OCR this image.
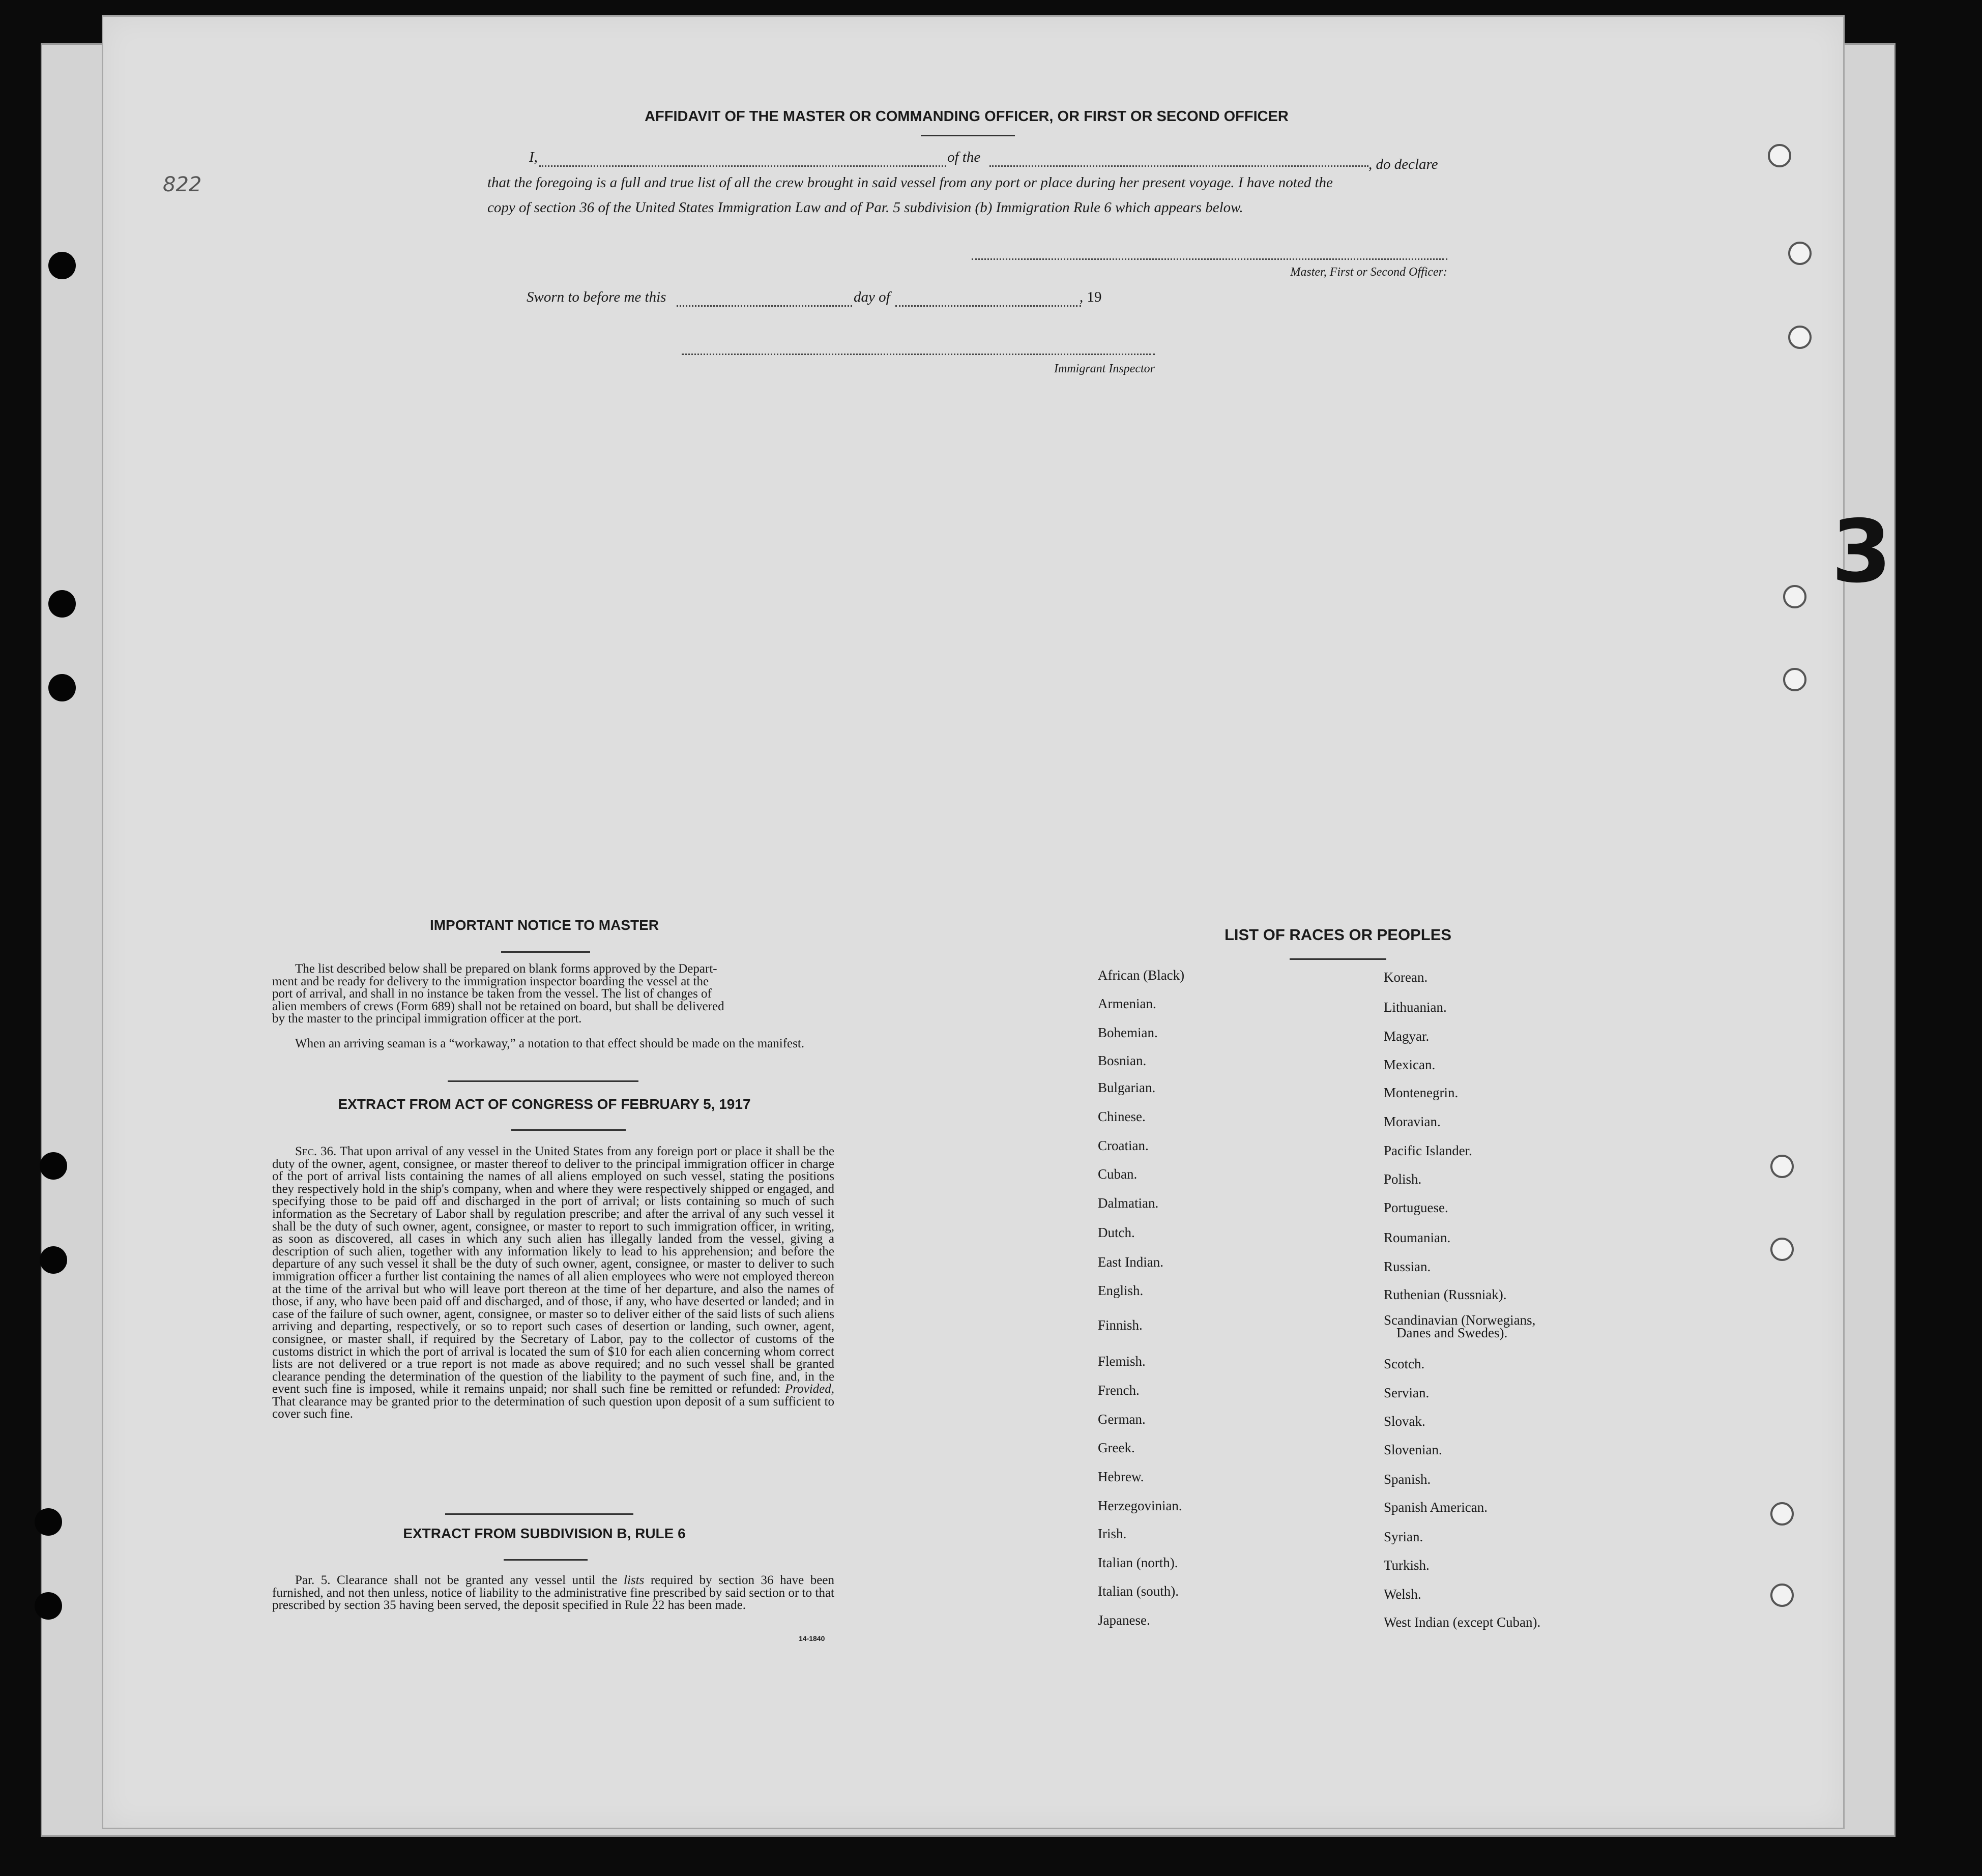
822
3
AFFIDAVIT OF THE MASTER OR COMMANDING OFFICER, OR FIRST OR SECOND OFFICER
I,	of the	, do declare
that the foregoing is a full and true list of all the crew brought in said vessel from any port or place during her present voyage. I have noted the
copy of section 36 of the United States Immigration Law and of Par. 5 subdivision (b) Immigration Rule 6 which appears below.
Master, First or Second Officer:
Sworn to before me this	day of	, 19
Immigrant Inspector
IMPORTANT NOTICE TO MASTER
The list described below shall be prepared on blank forms approved by the Depart-
ment and be ready for delivery to the immigration inspector boarding the vessel at the
port of arrival, and shall in no instance be taken from the vessel. The list of changes of
alien members of crews (Form 689) shall not be retained on board, but shall be delivered
by the master to the principal immigration officer at the port.
When an arriving seaman is a “workaway,” a notation to that effect should be made on the manifest.
EXTRACT FROM ACT OF CONGRESS OF FEBRUARY 5, 1917
Sec. 36. That upon arrival of any vessel in the United States from any foreign port or place it shall be the duty of the owner, agent, consignee, or master thereof to deliver to the principal immigration officer in charge of the port of arrival lists containing the names of all aliens employed on such vessel, stating the positions they respectively hold in the ship's company, when and where they were respectively shipped or engaged, and specifying those to be paid off and discharged in the port of arrival; or lists containing so much of such information as the Secretary of Labor shall by regulation prescribe; and after the arrival of any such vessel it shall be the duty of such owner, agent, consignee, or master to report to such immigration officer, in writing, as soon as discovered, all cases in which any such alien has illegally landed from the vessel, giving a description of such alien, together with any information likely to lead to his apprehension; and before the departure of any such vessel it shall be the duty of such owner, agent, consignee, or master to deliver to such immigration officer a further list containing the names of all alien employees who were not employed thereon at the time of the arrival but who will leave port thereon at the time of her departure, and also the names of those, if any, who have been paid off and discharged, and of those, if any, who have deserted or landed; and in case of the failure of such owner, agent, consignee, or master so to deliver either of the said lists of such aliens arriving and departing, respectively, or so to report such cases of desertion or landing, such owner, agent, consignee, or master shall, if required by the Secretary of Labor, pay to the collector of customs of the customs district in which the port of arrival is located the sum of $10 for each alien concerning whom correct lists are not delivered or a true report is not made as above required; and no such vessel shall be granted clearance pending the determination of the question of the liability to the payment of such fine, and, in the event such fine is imposed, while it remains unpaid; nor shall such fine be remitted or refunded: Provided, That clearance may be granted prior to the determination of such question upon deposit of a sum sufficient to cover such fine.
EXTRACT FROM SUBDIVISION B, RULE 6
Par. 5. Clearance shall not be granted any vessel until the lists required by section 36 have been furnished, and not then unless, notice of liability to the administrative fine prescribed by said section or to that prescribed by section 35 having been served, the deposit specified in Rule 22 has been made.
14-1840
LIST OF RACES OR PEOPLES
African (Black)
Armenian.
Bohemian.
Bosnian.
Bulgarian.
Chinese.
Croatian.
Cuban.
Dalmatian.
Dutch.
East Indian.
English.
Finnish.
Flemish.
French.
German.
Greek.
Hebrew.
Herzegovinian.
Irish.
Italian (north).
Italian (south).
Japanese.
Korean.
Lithuanian.
Magyar.
Mexican.
Montenegrin.
Moravian.
Pacific Islander.
Polish.
Portuguese.
Roumanian.
Russian.
Ruthenian (Russniak).
Scandinavian (Norwegians,
Scotch.
Servian.
Slovak.
Slovenian.
Spanish.
Spanish American.
Syrian.
Turkish.
Welsh.
West Indian (except Cuban).
Danes and Swedes).
